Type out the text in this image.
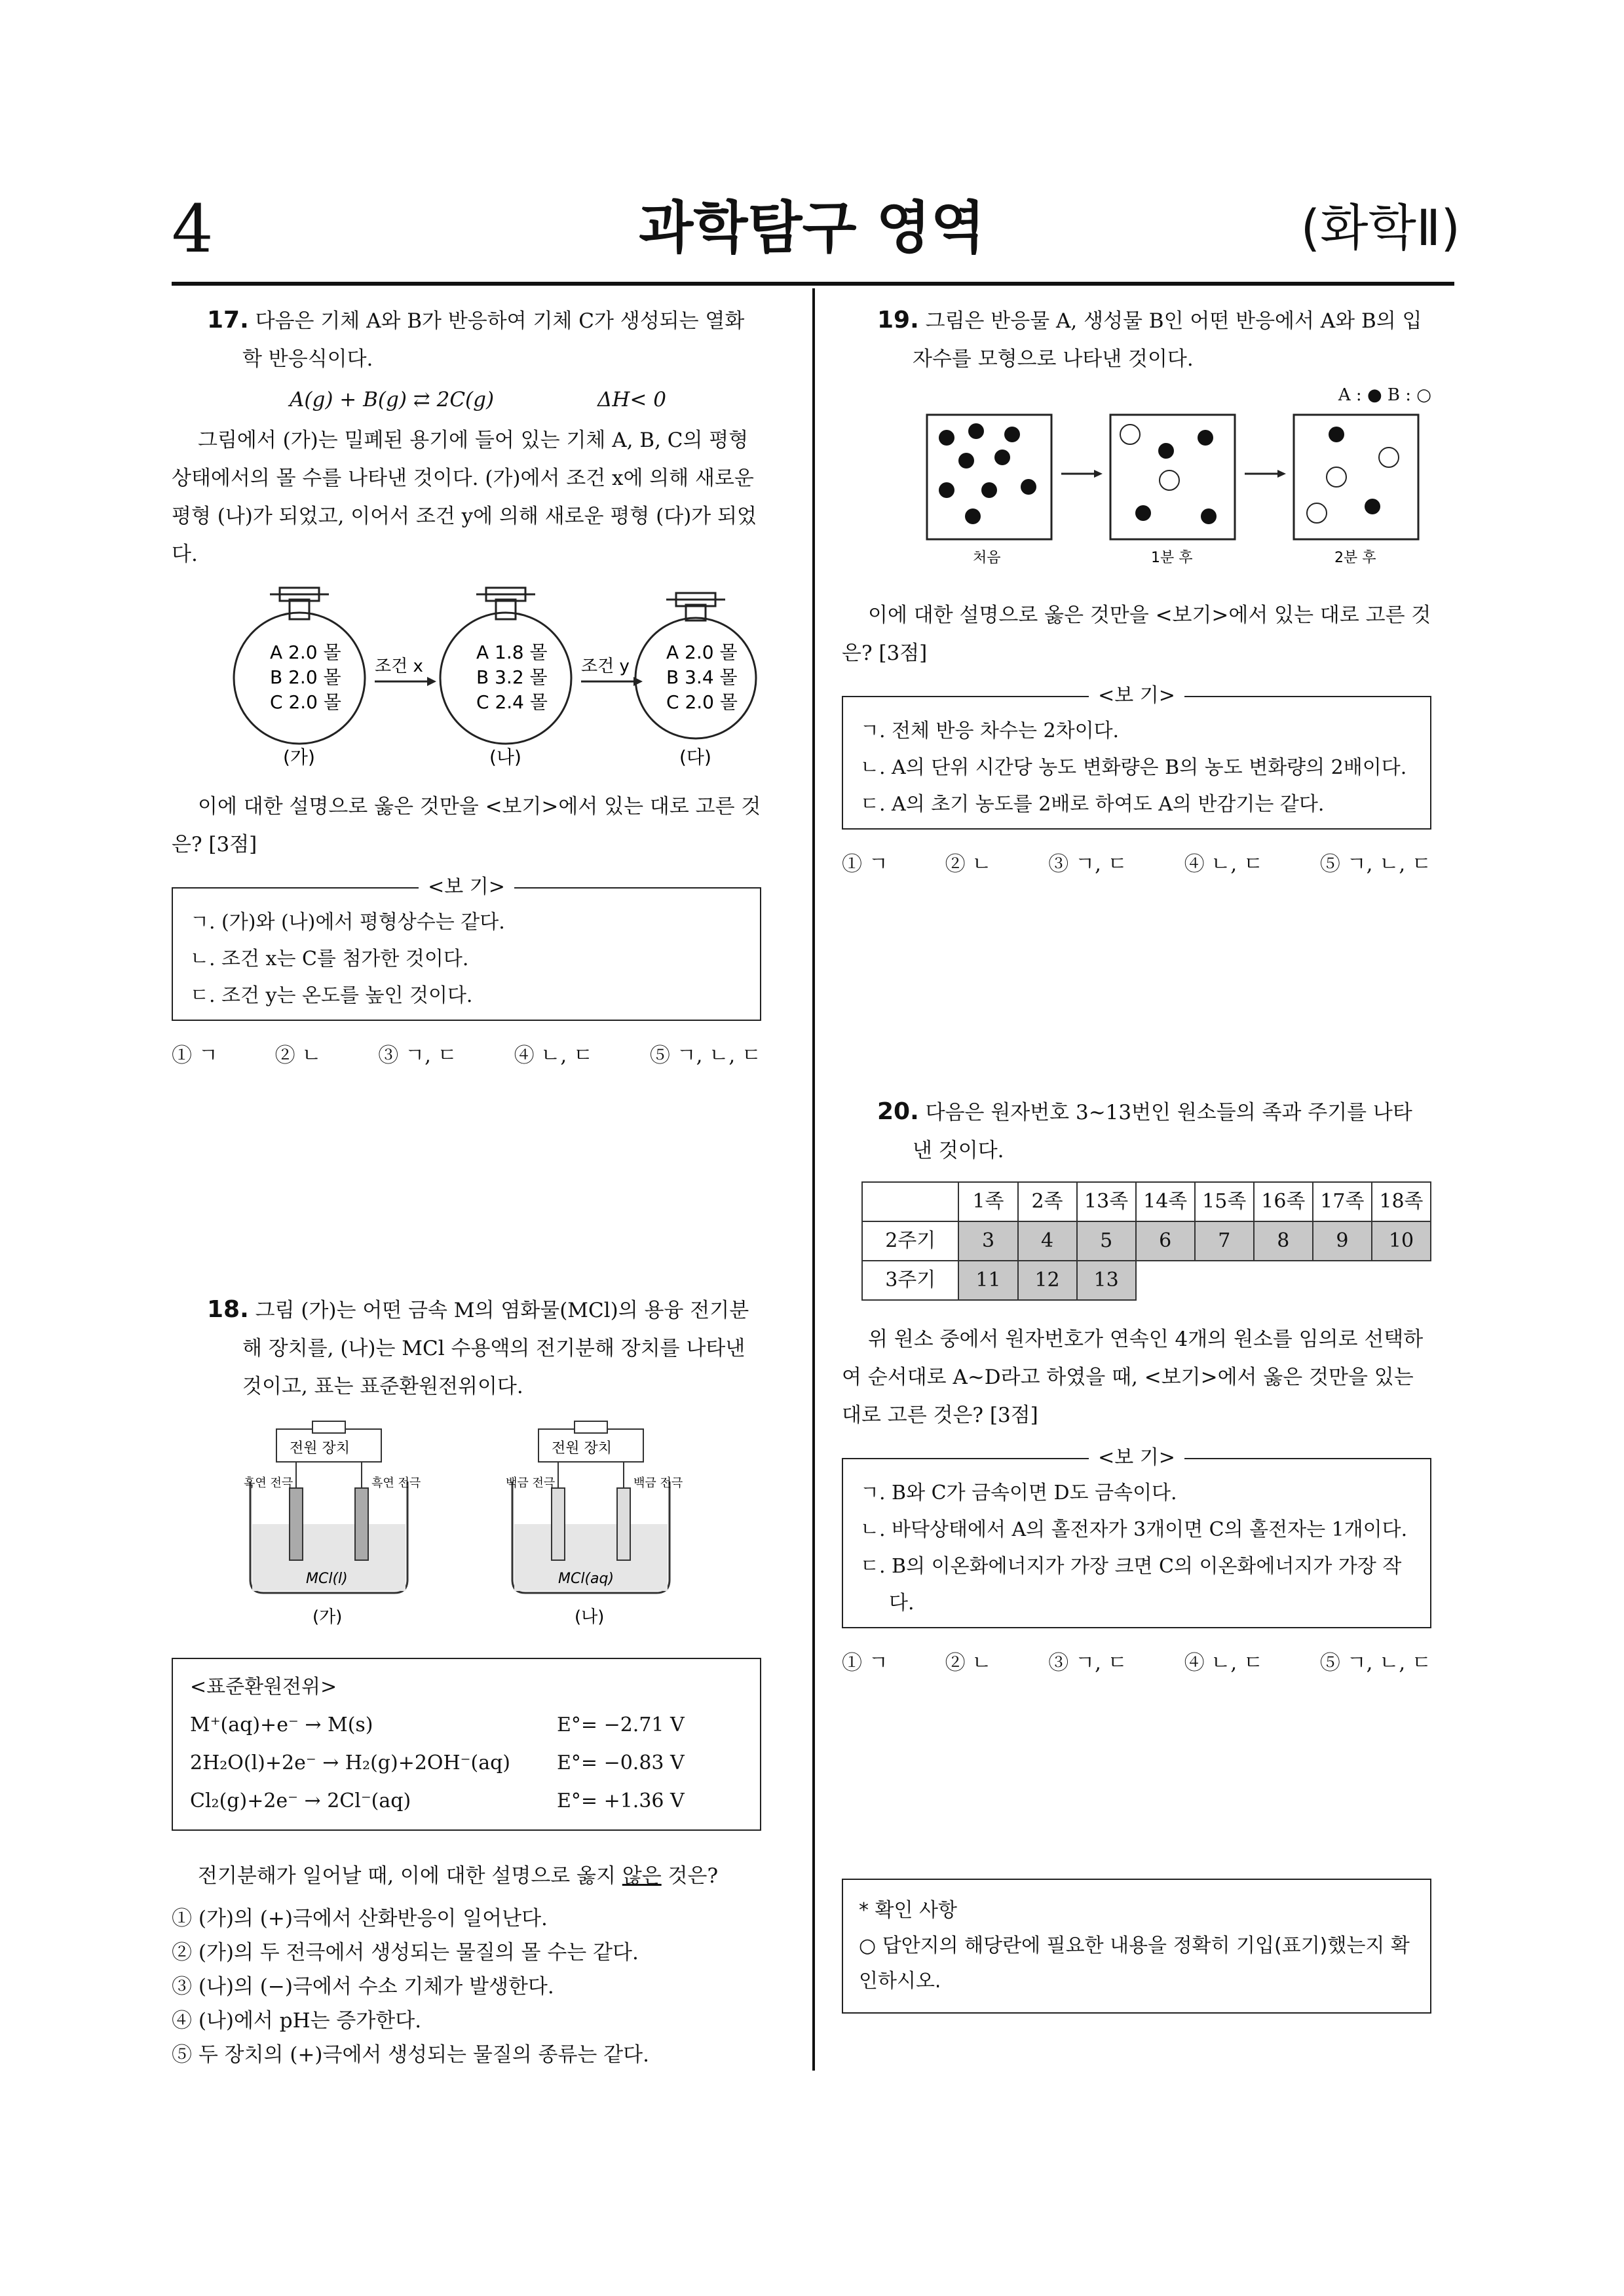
4	과학탐구 영역	(화학Ⅱ)

17. 다음은 기체 A와 B가 반응하여 기체 C가 생성되는 열화학 반응식이다.

A(g) + B(g) ⇄ 2C(g)	ΔH< 0

그림에서 (가)는 밀폐된 용기에 들어 있는 기체 A, B, C의 평형상태에서의 몰 수를 나타낸 것이다. (가)에서 조건 x에 의해 새로운 평형 (나)가 되었고, 이어서 조건 y에 의해 새로운 평형 (다)가 되었다.

A 2.0 몰
B 2.0 몰
C 2.0 몰
(가)
조건 x
A 1.8 몰
B 3.2 몰
C 2.4 몰
(나)
조건 y
A 2.0 몰
B 3.4 몰
C 2.0 몰
(다)

이에 대한 설명으로 옳은 것만을 <보기>에서 있는 대로 고른 것은? [3점]

<보 기>

ㄱ. (가)와 (나)에서 평형상수는 같다.

ㄴ. 조건 x는 C를 첨가한 것이다.

ㄷ. 조건 y는 온도를 높인 것이다.

① ㄱ	② ㄴ	③ ㄱ, ㄷ	④ ㄴ, ㄷ	⑤ ㄱ, ㄴ, ㄷ

18. 그림 (가)는 어떤 금속 M의 염화물(MCl)의 용융 전기분해 장치를, (나)는 MCl 수용액의 전기분해 장치를 나타낸 것이고, 표는 표준환원전위이다.

전원 장치
흑연 전극	흑연 전극
MCl(l)
(가)
전원 장치
백금 전극	백금 전극
MCl(aq)
(나)
<표준환원전위>
M⁺(aq)+e⁻ → M(s)	E°= −2.71 V
2H₂O(l)+2e⁻ → H₂(g)+2OH⁻(aq)	E°= −0.83 V
Cl₂(g)+2e⁻ → 2Cl⁻(aq)	E°= +1.36 V

전기분해가 일어날 때, 이에 대한 설명으로 옳지 않은 것은?

① (가)의 (+)극에서 산화반응이 일어난다.
② (가)의 두 전극에서 생성되는 물질의 몰 수는 같다.
③ (나)의 (−)극에서 수소 기체가 발생한다.
④ (나)에서 pH는 증가한다.
⑤ 두 장치의 (+)극에서 생성되는 물질의 종류는 같다.

19. 그림은 반응물 A, 생성물 B인 어떤 반응에서 A와 B의 입자수를 모형으로 나타낸 것이다.

A : ● B : ○
처음	1분 후	2분 후

이에 대한 설명으로 옳은 것만을 <보기>에서 있는 대로 고른 것은? [3점]

<보 기>

ㄱ. 전체 반응 차수는 2차이다.

ㄴ. A의 단위 시간당 농도 변화량은 B의 농도 변화량의 2배이다.

ㄷ. A의 초기 농도를 2배로 하여도 A의 반감기는 같다.

① ㄱ	② ㄴ	③ ㄱ, ㄷ	④ ㄴ, ㄷ	⑤ ㄱ, ㄴ, ㄷ

20. 다음은 원자번호 3~13번인 원소들의 족과 주기를 나타낸 것이다.

	1족	2족	13족	14족	15족	16족	17족	18족
2주기	3	4	5	6	7	8	9	10
3주기	11	12	13					

위 원소 중에서 원자번호가 연속인 4개의 원소를 임의로 선택하여 순서대로 A~D라고 하였을 때, <보기>에서 옳은 것만을 있는 대로 고른 것은? [3점]

<보 기>

ㄱ. B와 C가 금속이면 D도 금속이다.

ㄴ. 바닥상태에서 A의 홀전자가 3개이면 C의 홀전자는 1개이다.

ㄷ. B의 이온화에너지가 가장 크면 C의 이온화에너지가 가장 작다.

① ㄱ	② ㄴ	③ ㄱ, ㄷ	④ ㄴ, ㄷ	⑤ ㄱ, ㄴ, ㄷ
* 확인 사항
○ 답안지의 해당란에 필요한 내용을 정확히 기입(표기)했는지 확인하시오.
